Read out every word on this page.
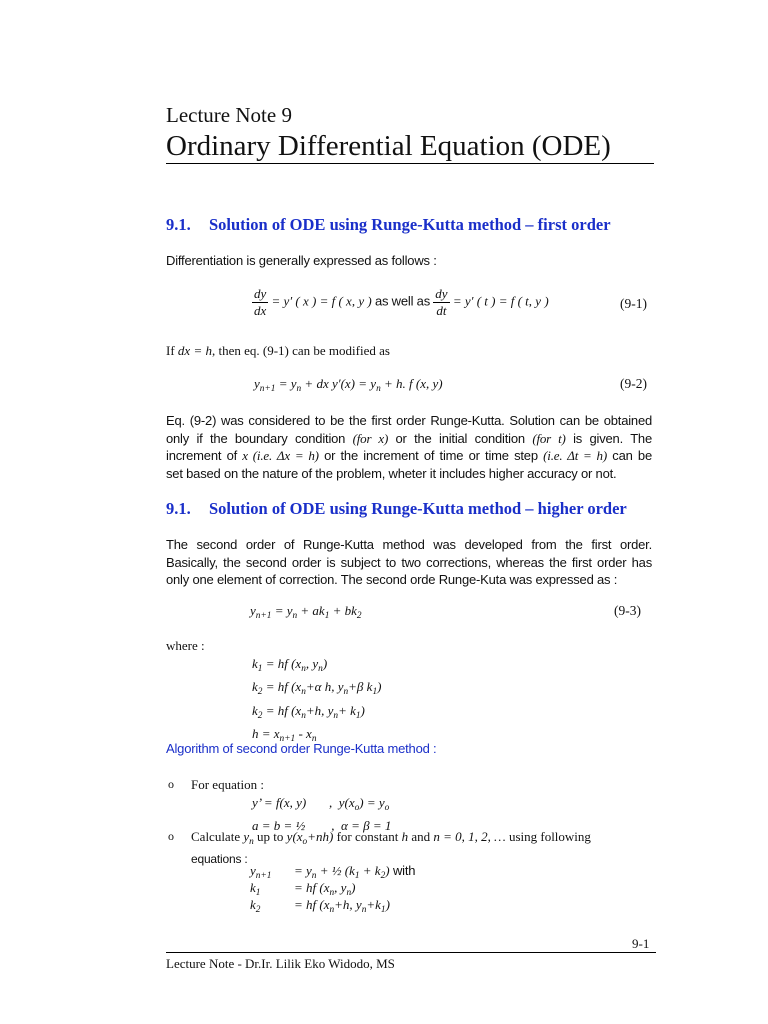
Lecture Note 9
Ordinary Differential Equation (ODE)
9.1. Solution of ODE using Runge-Kutta method – first order
Differentiation is generally expressed as follows :
$\frac{dy}{dx} = y'$ ( x ) = f ( x, y ) as well as $\frac{dy}{dt} = y'$ ( t ) = f ( t, y )	(9-1)
If dx = h, then eq. (9-1) can be modified as
$y_{n+1} = y_n$ + dx $y'(x) = y_n + h$. f (x, y)	(9-2)
Eq. (9-2) was considered to be the first order Runge-Kutta. Solution can be obtained
only if the boundary condition (for x) or the initial condition (for t) is given. The
increment of x (i.e. Δx = h) or the increment of time or time step (i.e. Δt = h) can be
set based on the nature of the problem, wheter it includes higher accuracy or not.
9.1. Solution of ODE using Runge-Kutta method – higher order
The second order of Runge-Kutta method was developed from the first order.
Basically, the second order is subject to two corrections, whereas the first order has
only one element of correction. The second orde Runge-Kuta was expressed as :
$y_{n+1} = y_n + ak_1 + bk_2$	(9-3)
where :
$k_1$ = hf ($x_n$, $y_n$)
$k_2$ = hf ($x_n+\alpha$ h, $y_n+\beta$ $k_1$)
$k_2$ = hf ($x_n+h$, $y_n+ k_1$)
$h = x_{n+1} - x_n$
Algorithm of second order Runge-Kutta method :
o For equation :
y’ = f(x, y)       ,  $y(x_o) = y_o$
a = b = ½        ,  α = β = 1
o Calculate $y_n$ up to $y(x_o+nh)$ for constant h and n = 0, 1, 2, … using following
equations :
$y_{n+1} = y_n$ + ½ $(k_1 + k_2)$ with
$k_1$	= hf ($x_n$, $y_n$)
$k_2$	= hf ($x_n+h$, $y_n+k_1$)
9-1
Lecture Note - Dr.Ir. Lilik Eko Widodo, MS
